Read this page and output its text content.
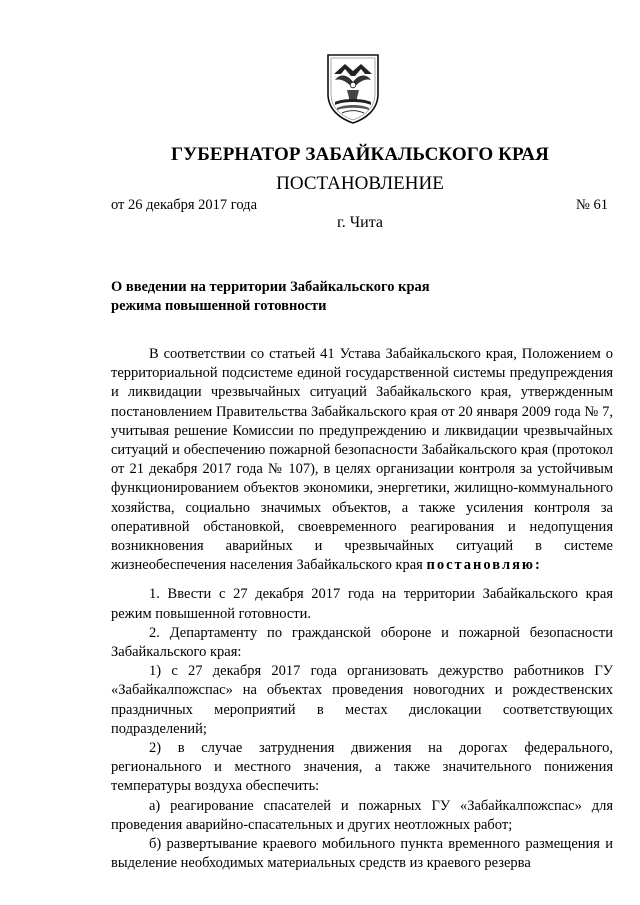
ГУБЕРНАТОР ЗАБАЙКАЛЬСКОГО КРАЯ
ПОСТАНОВЛЕНИЕ
от 26 декабря 2017 года	№ 61
г. Чита
О введении на территории Забайкальского края
режима повышенной готовности

В соответствии со статьей 41 Устава Забайкальского края, Положением о территориальной подсистеме единой государственной системы предупреждения и ликвидации чрезвычайных ситуаций Забайкальского края, утвержденным постановлением Правительства Забайкальского края от 20 января 2009 года № 7, учитывая решение Комиссии по предупреждению и ликвидации чрезвычайных ситуаций и обеспечению пожарной безопасности Забайкальского края (протокол от 21 декабря 2017 года № 107), в целях организации контроля за устойчивым функционированием объектов экономики, энергетики, жилищно-коммунального хозяйства, социально значимых объектов, а также усиления контроля за оперативной обстановкой, своевременного реагирования и недопущения возникновения аварийных и чрезвычайных ситуаций в системе жизнеобеспечения населения Забайкальского края постановляю:

1. Ввести с 27 декабря 2017 года на территории Забайкальского края режим повышенной готовности.

2. Департаменту по гражданской обороне и пожарной безопасности Забайкальского края:

1) с 27 декабря 2017 года организовать дежурство работников ГУ «Забайкалпожспас» на объектах проведения новогодних и рождественских праздничных мероприятий в местах дислокации соответствующих подразделений;

2) в случае затруднения движения на дорогах федерального, регионального и местного значения, а также значительного понижения температуры воздуха обеспечить:

а) реагирование спасателей и пожарных ГУ «Забайкалпожспас» для проведения аварийно-спасательных и других неотложных работ;

б) развертывание краевого мобильного пункта временного размещения и выделение необходимых материальных средств из краевого резерва
